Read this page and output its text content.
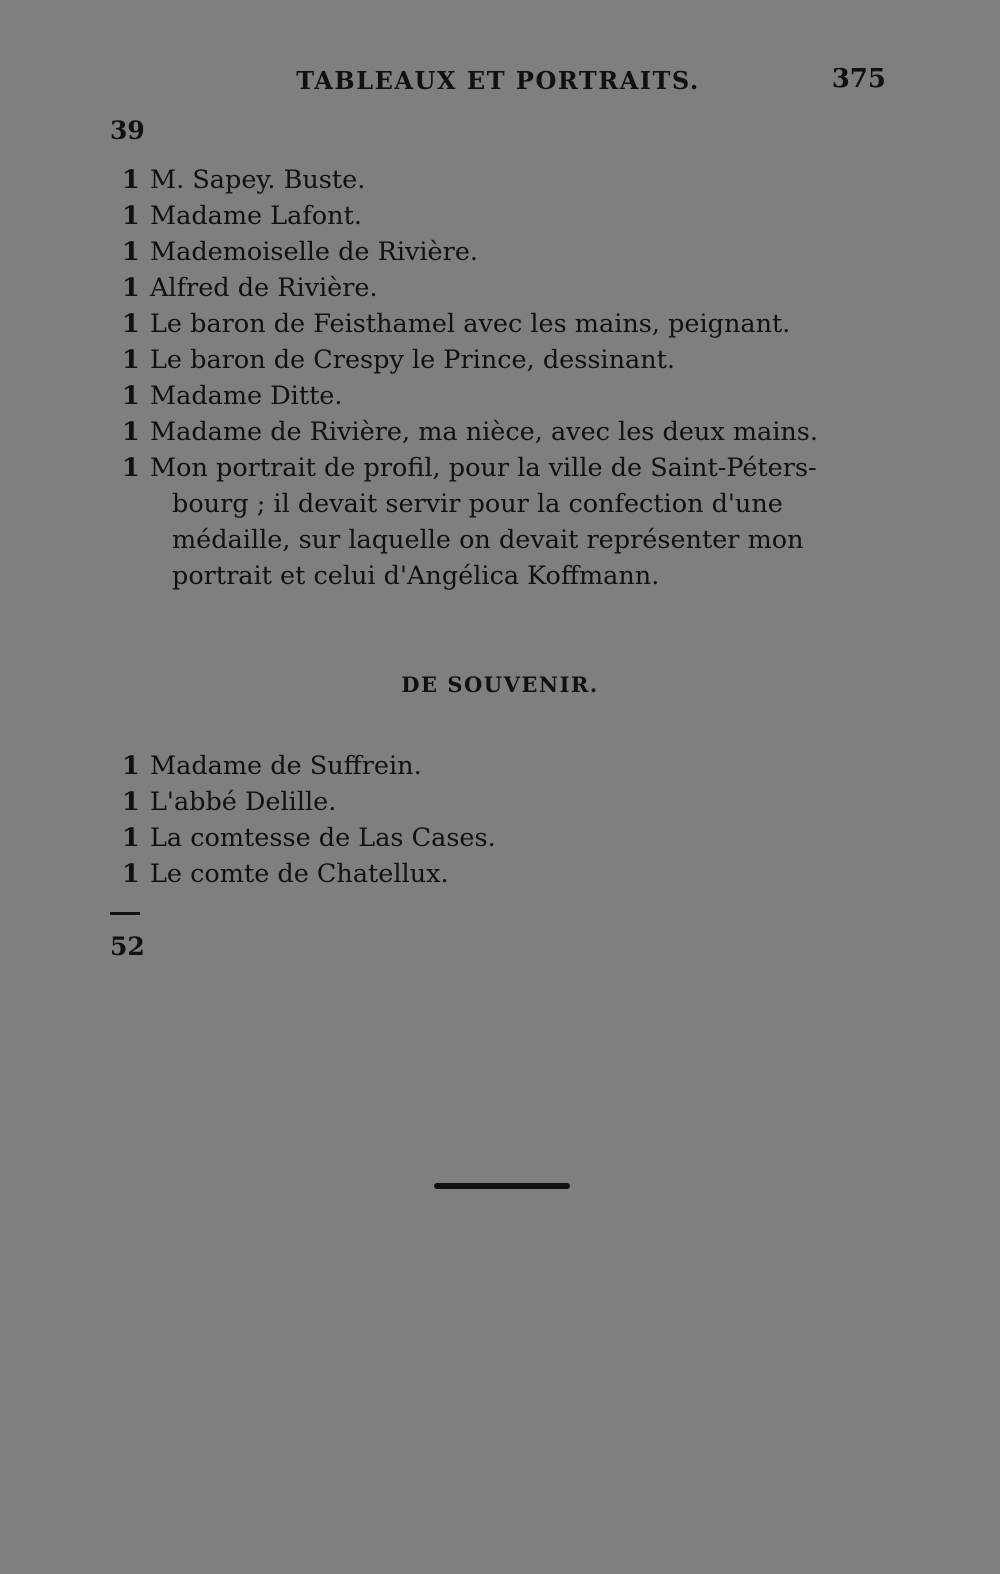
TABLEAUX ET PORTRAITS.	375
39
1 M. Sapey. Buste.
1 Madame Lafont.
1 Mademoiselle de Rivière.
1 Alfred de Rivière.
1 Le baron de Feisthamel avec les mains, peignant.
1 Le baron de Crespy le Prince, dessinant.
1 Madame Ditte.
1 Madame de Rivière, ma nièce, avec les deux mains.
1 Mon portrait de profil, pour la ville de Saint-Péters-
bourg ; il devait servir pour la confection d'une
médaille, sur laquelle on devait représenter mon
portrait et celui d'Angélica Koffmann.
DE SOUVENIR.
1 Madame de Suffrein.
1 L'abbé Delille.
1 La comtesse de Las Cases.
1 Le comte de Chatellux.
52
